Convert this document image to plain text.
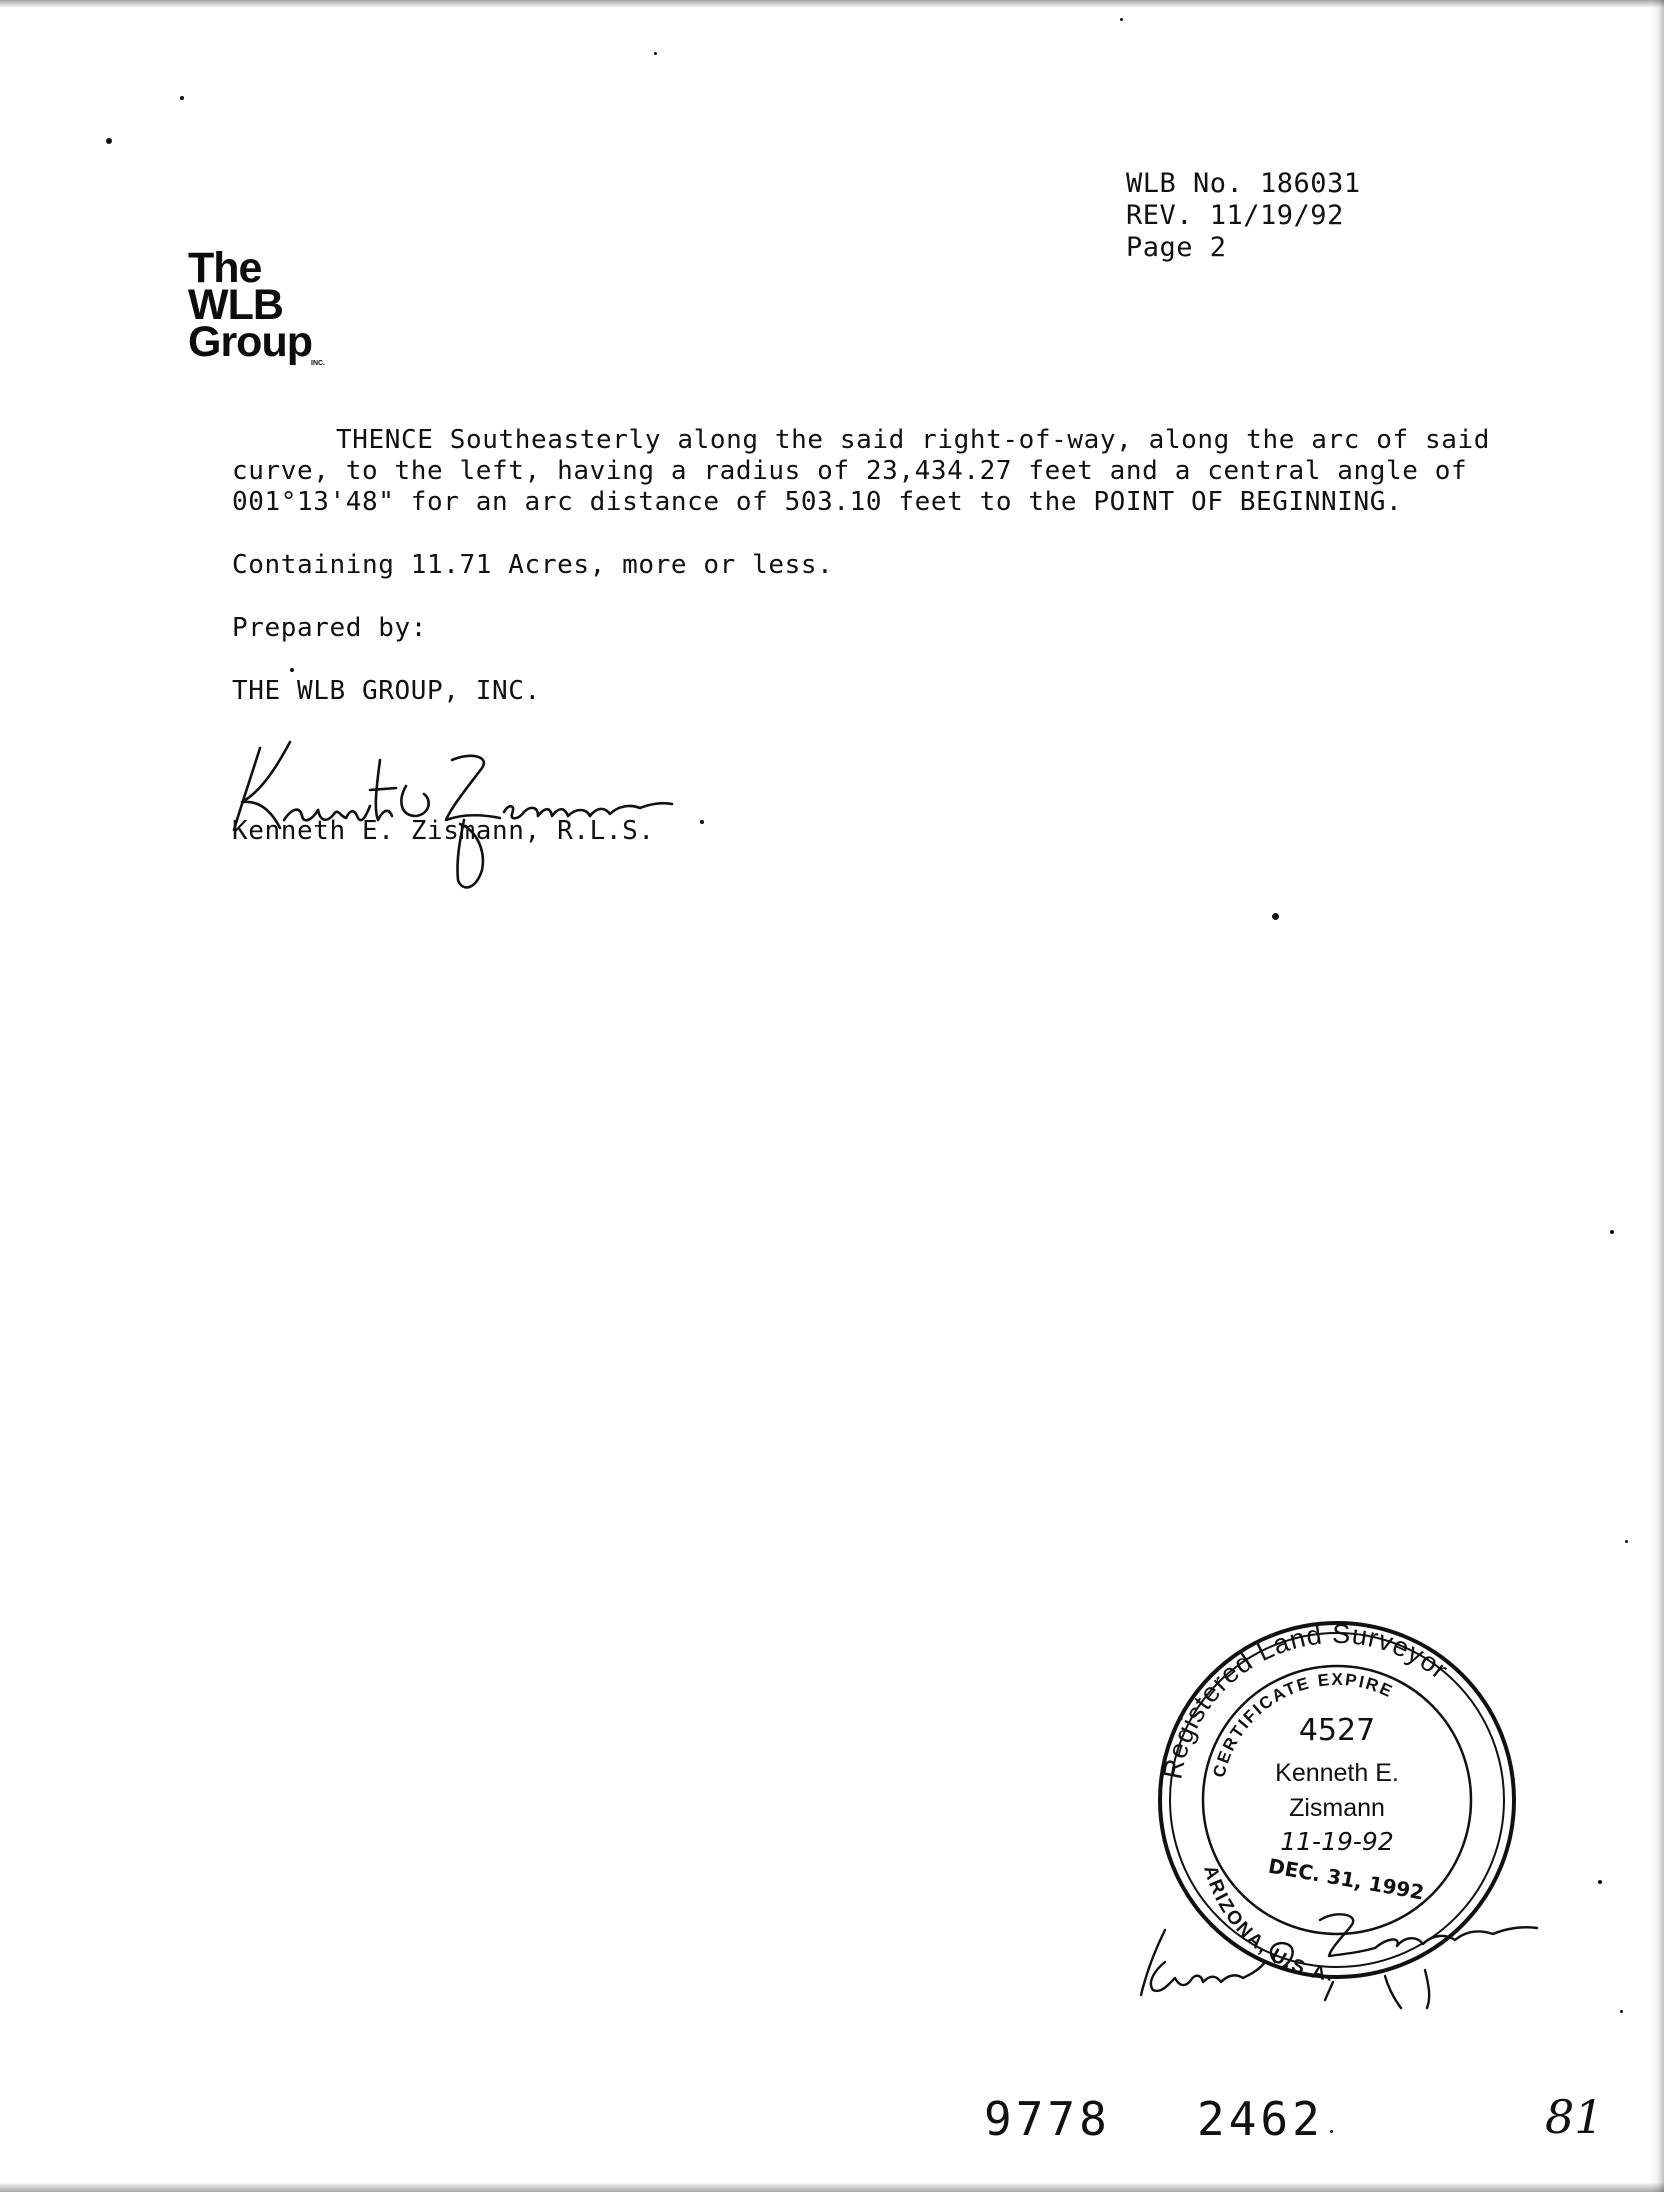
WLB No. 186031
REV. 11/19/92
Page 2
The
WLB
Group INC.
THENCE Southeasterly along the said right-of-way, along the arc of said
curve, to the left, having a radius of 23,434.27 feet and a central angle of
001°13'48" for an arc distance of 503.10 feet to the POINT OF BEGINNING.
Containing 11.71 Acres, more or less.
Prepared by:
THE WLB GROUP, INC.
Kenneth E. Zismann, R.L.S.
Registered Land Surveyor
CERTIFICATE EXPIRE
ARIZONA, U.S.A.
4527
Kenneth E.
Zismann
11-19-92
DEC. 31, 1992
9778 2462	81
